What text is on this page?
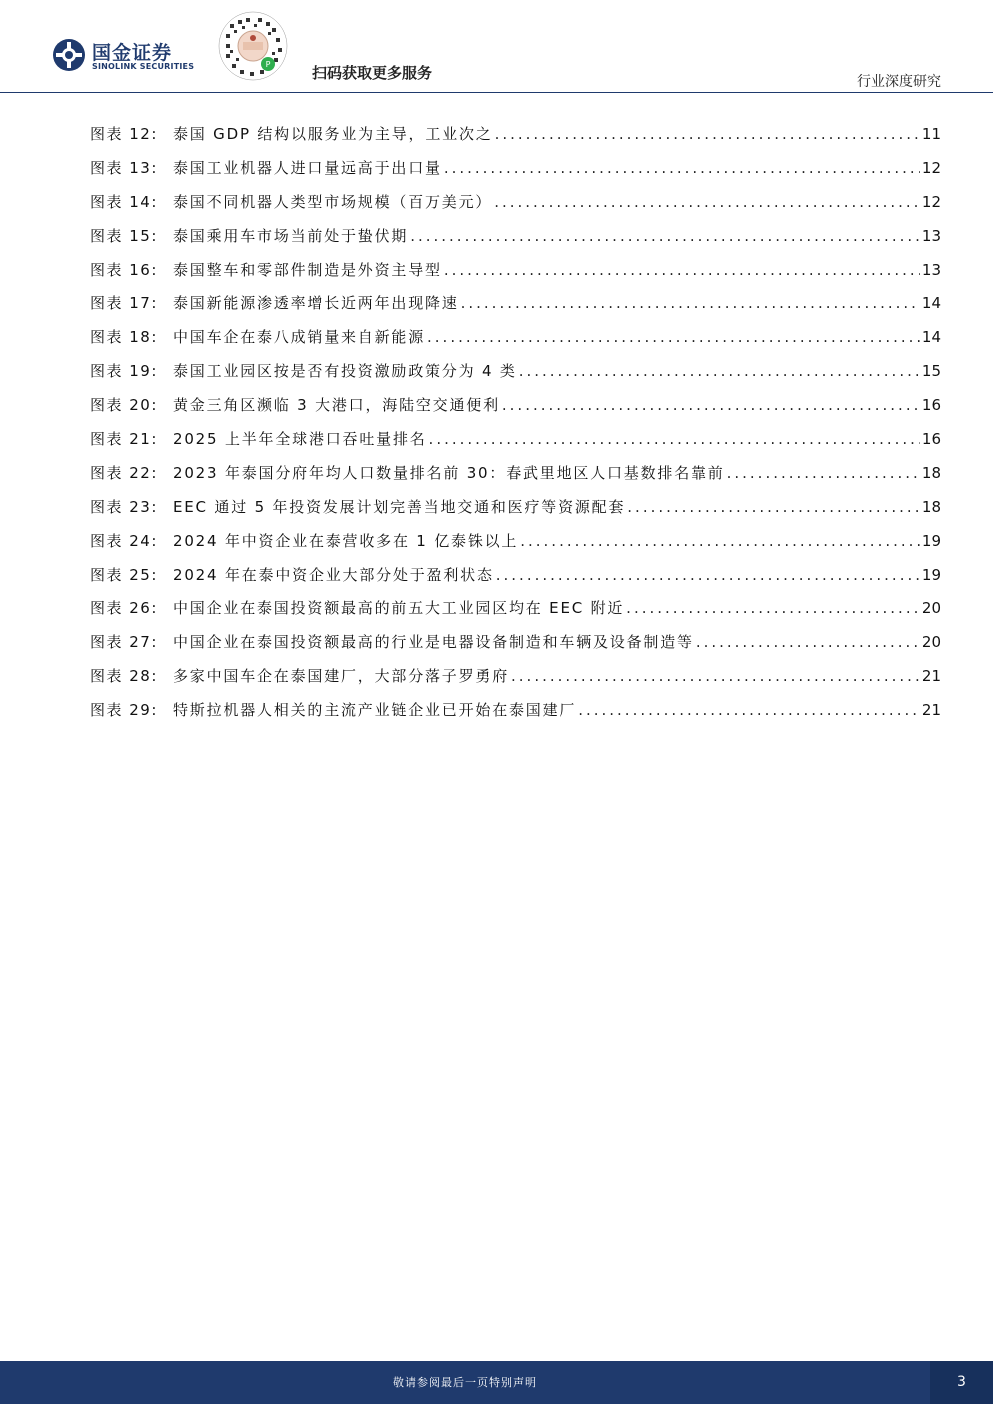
国金证券
SINOLINK SECURITIES	P	扫码获取更多服务	行业深度研究
图表 12:	泰国 GDP 结构以服务业为主导，工业次之 .....	11
图表 13:	泰国工业机器人进口量远高于出口量 .....	12
图表 14:	泰国不同机器人类型市场规模（百万美元） .....	12
图表 15:	泰国乘用车市场当前处于蛰伏期 .....	13
图表 16:	泰国整车和零部件制造是外资主导型 .....	13
图表 17:	泰国新能源渗透率增长近两年出现降速 .....	14
图表 18:	中国车企在泰八成销量来自新能源 .....	14
图表 19:	泰国工业园区按是否有投资激励政策分为 4 类 .....	15
图表 20:	黄金三角区濒临 3 大港口，海陆空交通便利 .....	16
图表 21:	2025 上半年全球港口吞吐量排名 .....	16
图表 22:	2023 年泰国分府年均人口数量排名前 30：春武里地区人口基数排名靠前 .....	18
图表 23:	EEC 通过 5 年投资发展计划完善当地交通和医疗等资源配套 .....	18
图表 24:	2024 年中资企业在泰营收多在 1 亿泰铢以上 .....	19
图表 25:	2024 年在泰中资企业大部分处于盈利状态 .....	19
图表 26:	中国企业在泰国投资额最高的前五大工业园区均在 EEC 附近 .....	20
图表 27:	中国企业在泰国投资额最高的行业是电器设备制造和车辆及设备制造等 .....	20
图表 28:	多家中国车企在泰国建厂，大部分落子罗勇府 .....	21
图表 29:	特斯拉机器人相关的主流产业链企业已开始在泰国建厂 .....	21
敬请参阅最后一页特别声明	3
